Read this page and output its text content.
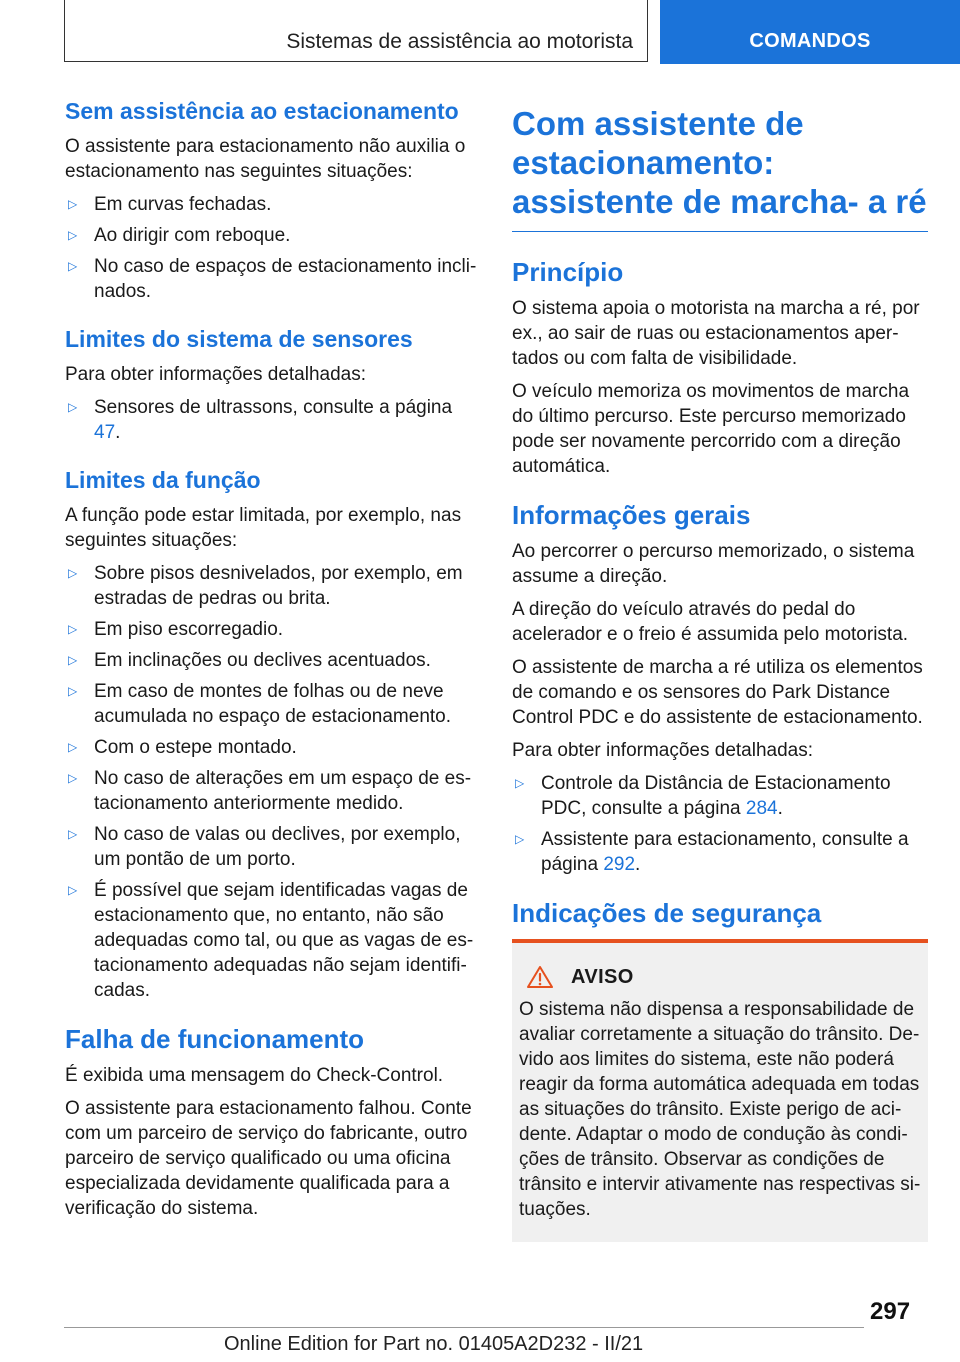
Sistemas de assistência ao motorista	COMANDOS
Sem assistência ao estacionamento

O assistente para estacionamento não auxilia o estacionamento nas seguintes situações:

▷ Em curvas fechadas.
▷ Ao dirigir com reboque.
▷ No caso de espaços de estacionamento inclinados.
Limites do sistema de sensores

Para obter informações detalhadas:

▷ Sensores de ultrassons, consulte a página
47.
Limites da função

A função pode estar limitada, por exemplo, nas seguintes situações:

▷ Sobre pisos desnivelados, por exemplo, em estradas de pedras ou brita.
▷ Em piso escorregadio.
▷ Em inclinações ou declives acentuados.
▷ Em caso de montes de folhas ou de neve acumulada no espaço de estacionamento.
▷ Com o estepe montado.
▷ No caso de alterações em um espaço de estacionamento anteriormente medido.
▷ No caso de valas ou declives, por exemplo, um pontão de um porto.
▷ É possível que sejam identificadas vagas de estacionamento que, no entanto, não são adequadas como tal, ou que as vagas de estacionamento adequadas não sejam identificadas.
Falha de funcionamento

É exibida uma mensagem do Check-Control.

O assistente para estacionamento falhou. Conte com um parceiro de serviço do fabricante, outro parceiro de serviço qualificado ou uma oficina especializada devidamente qualificada para a verificação do sistema.

Com assistente de estacionamento: assistente de marcha- a ré
Princípio

O sistema apoia o motorista na marcha a ré, por ex., ao sair de ruas ou estacionamentos apertados ou com falta de visibilidade.

O veículo memoriza os movimentos de marcha do último percurso. Este percurso memorizado pode ser novamente percorrido com a direção automática.

Informações gerais

Ao percorrer o percurso memorizado, o sistema assume a direção.

A direção do veículo através do pedal do acelerador e o freio é assumida pelo motorista.

O assistente de marcha a ré utiliza os elementos de comando e os sensores do Park Distance Control PDC e do assistente de estacionamento.

Para obter informações detalhadas:

▷ Controle da Distância de Estacionamento PDC, consulte a página 284.
▷ Assistente para estacionamento, consulte a página 292.
Indicações de segurança
AVISO

O sistema não dispensa a responsabilidade de avaliar corretamente a situação do trânsito. Devido aos limites do sistema, este não poderá reagir da forma automática adequada em todas as situações do trânsito. Existe perigo de acidente. Adaptar o modo de condução às condições de trânsito. Observar as condições de trânsito e intervir ativamente nas respectivas situações.

297
Online Edition for Part no. 01405A2D232 - II/21
